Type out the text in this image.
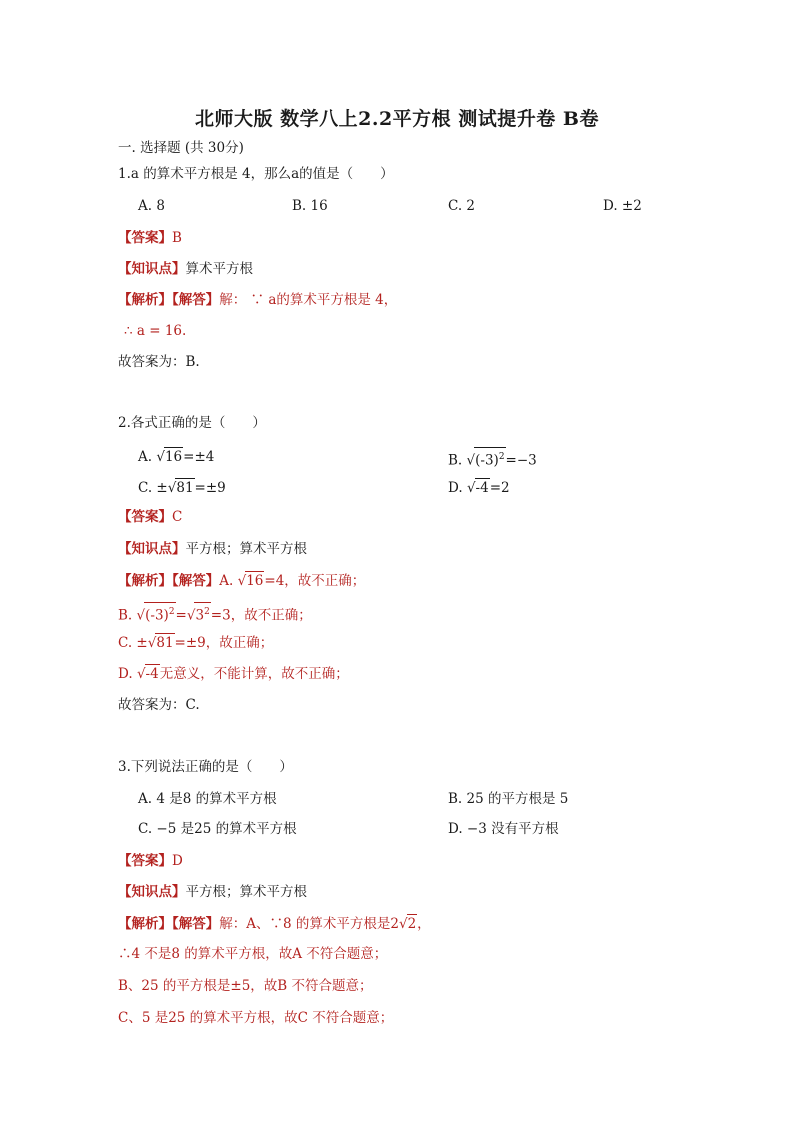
北师大版 数学八上2.2平方根 测试提升卷 B卷
一. 选择题 (共 30分)
1.a 的算术平方根是 4，那么a的值是（　　）
A. 8	B. 16	C. 2	D. ±2
【答案】B
【知识点】算术平方根
【解析】【解答】解： ∵ a的算术平方根是 4，
∴ a = 16.
故答案为：B.
2.各式正确的是（　　）
A. √16=±4	B. $√(-3)^2=-3$
C. ±√81=±9	D. √-4=2
【答案】C
【知识点】平方根；算术平方根
【解析】【解答】A. √16=4，故不正确；
B. $√(-3)^2=√3^2=3$，故不正确；
C. ±√81=±9，故正确；
D. √-4无意义，不能计算，故不正确；
故答案为：C.
3.下列说法正确的是（　　）
A. 4 是8 的算术平方根	B. 25 的平方根是 5
C. −5 是25 的算术平方根	D. −3 没有平方根
【答案】D
【知识点】平方根；算术平方根
【解析】【解答】解：A、∵8 的算术平方根是2√2，
∴4 不是8 的算术平方根，故A 不符合题意；
B、25 的平方根是±5，故B 不符合题意；
C、5 是25 的算术平方根，故C 不符合题意；
